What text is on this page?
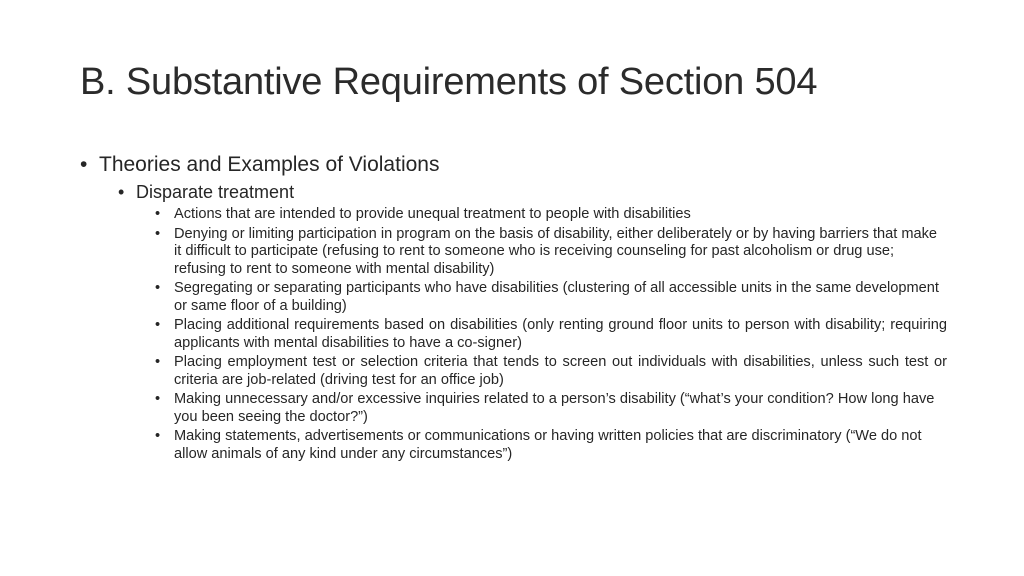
B. Substantive Requirements of Section 504
• Theories and Examples of Violations
• Disparate treatment
• Actions that are intended to provide unequal treatment to people with disabilities
• Denying or limiting participation in program on the basis of disability, either deliberately or by having barriers that make it difficult to participate (refusing to rent to someone who is receiving counseling for past alcoholism or drug use; refusing to rent to someone with mental disability)
• Segregating or separating participants who have disabilities (clustering of all accessible units in the same development or same floor of a building)
• Placing additional requirements based on disabilities (only renting ground floor units to person with disability; requiring applicants with mental disabilities to have a co-signer)
• Placing employment test or selection criteria that tends to screen out individuals with disabilities, unless such test or criteria are job-related (driving test for an office job)
• Making unnecessary and/or excessive inquiries related to a person’s disability (“what’s your condition? How long have you been seeing the doctor?”)
• Making statements, advertisements or communications or having written policies that are discriminatory (“We do not allow animals of any kind under any circumstances”)
